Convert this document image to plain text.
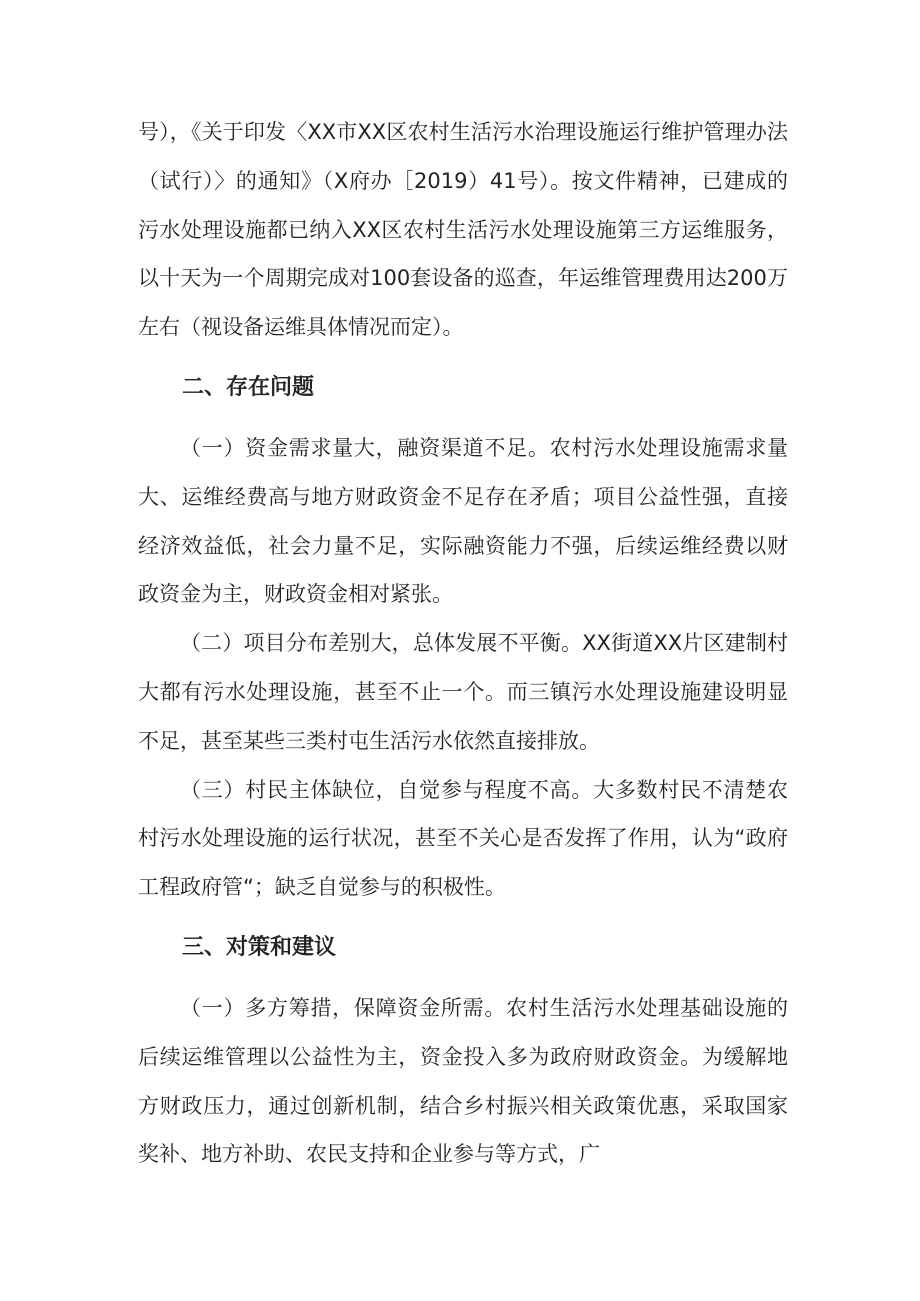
号），《关于印发〈XX市XX区农村生活污水治理设施运行维护管理办法（试行）〉的通知》（X府办［2019）41号）。按文件精神，已建成的污水处理设施都已纳入XX区农村生活污水处理设施第三方运维服务，以十天为一个周期完成对100套设备的巡查，年运维管理费用达200万左右（视设备运维具体情况而定）。

二、存在问题

（一）资金需求量大，融资渠道不足。农村污水处理设施需求量大、运维经费高与地方财政资金不足存在矛盾；项目公益性强，直接经济效益低，社会力量不足，实际融资能力不强，后续运维经费以财政资金为主，财政资金相对紧张。

（二）项目分布差别大，总体发展不平衡。XX街道XX片区建制村大都有污水处理设施，甚至不止一个。而三镇污水处理设施建设明显不足，甚至某些三类村屯生活污水依然直接排放。

（三）村民主体缺位，自觉参与程度不高。大多数村民不清楚农村污水处理设施的运行状况，甚至不关心是否发挥了作用，认为“政府工程政府管“；缺乏自觉参与的积极性。

三、对策和建议

（一）多方筹措，保障资金所需。农村生活污水处理基础设施的后续运维管理以公益性为主，资金投入多为政府财政资金。为缓解地方财政压力，通过创新机制，结合乡村振兴相关政策优惠，采取国家奖补、地方补助、农民支持和企业参与等方式，广
